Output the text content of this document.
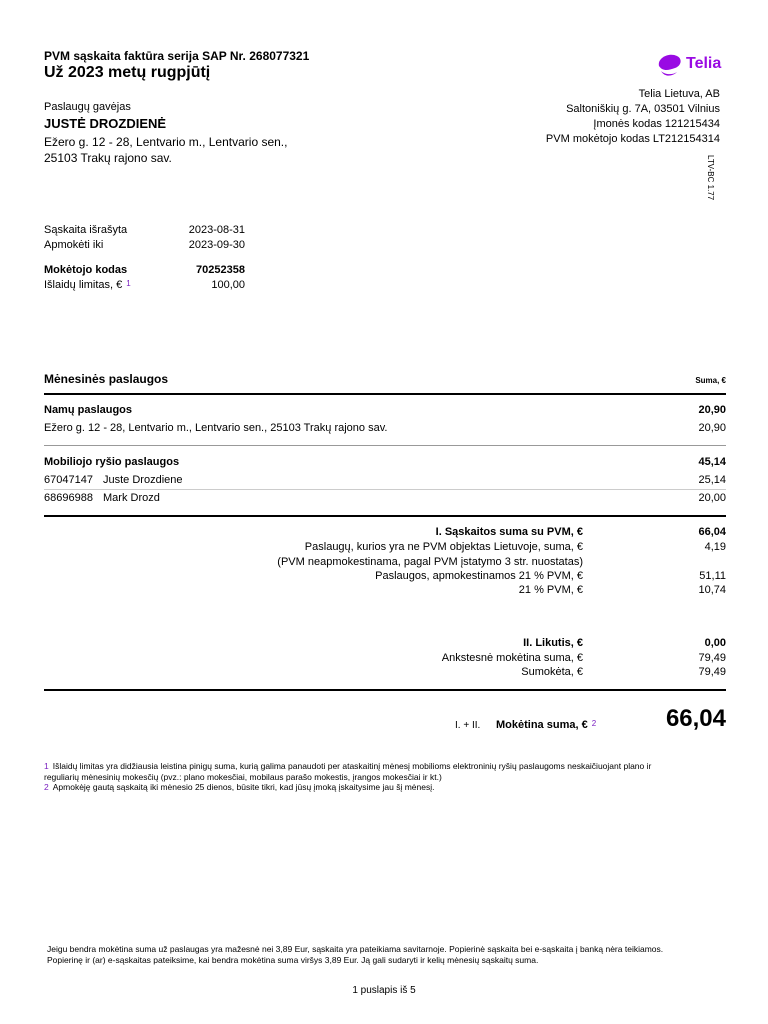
PVM sąskaita faktūra serija SAP Nr. 268077321
Už 2023 metų rugpjūtį
Telia
Telia Lietuva, AB
Saltoniškių g. 7A, 03501 Vilnius
Įmonės kodas 121215434
PVM mokėtojo kodas LT212154314
LTV-BC 1.77
Paslaugų gavėjas
JUSTĖ DROZDIENĖ
Ežero g. 12 - 28, Lentvario m., Lentvario sen.,
25103 Trakų rajono sav.
Sąskaita išrašyta	2023-08-31
Apmokėti iki	2023-09-30
Mokėtojo kodas	70252358
Išlaidų limitas, € $^1$	100,00
Mėnesinės paslaugos	Suma, €
Namų paslaugos	20,90
Ežero g. 12 - 28, Lentvario m., Lentvario sen., 25103 Trakų rajono sav.	20,90
Mobiliojo ryšio paslaugos	45,14
67047147 Juste Drozdiene	25,14
68696988 Mark Drozd	20,00
I. Sąskaitos suma su PVM, €	66,04
Paslaugų, kurios yra ne PVM objektas Lietuvoje, suma, €	4,19
(PVM neapmokestinama, pagal PVM įstatymo 3 str. nuostatas)
Paslaugos, apmokestinamos 21 % PVM, €	51,11
21 % PVM, €	10,74
II. Likutis, €	0,00
Ankstesnė mokėtina suma, €	79,49
Sumokėta, €	79,49
I. + II. Mokėtina suma, € $^2$	66,04
1 Išlaidų limitas yra didžiausia leistina pinigų suma, kurią galima panaudoti per ataskaitinį mėnesį mobilioms elektroninių ryšių paslaugoms neskaičiuojant plano ir
reguliarių mėnesinių mokesčių (pvz.: plano mokesčiai, mobilaus parašo mokestis, įrangos mokesčiai ir kt.)
2 Apmokėję gautą sąskaitą iki mėnesio 25 dienos, būsite tikri, kad jūsų įmoką įskaitysime jau šį mėnesį.
Jeigu bendra mokėtina suma už paslaugas yra mažesnė nei 3,89 Eur, sąskaita yra pateikiama savitarnoje. Popierinė sąskaita bei e-sąskaita į banką nėra teikiamos.
Popierinę ir (ar) e-sąskaitas pateiksime, kai bendra mokėtina suma viršys 3,89 Eur. Ją gali sudaryti ir kelių mėnesių sąskaitų suma.
1 puslapis iš 5
